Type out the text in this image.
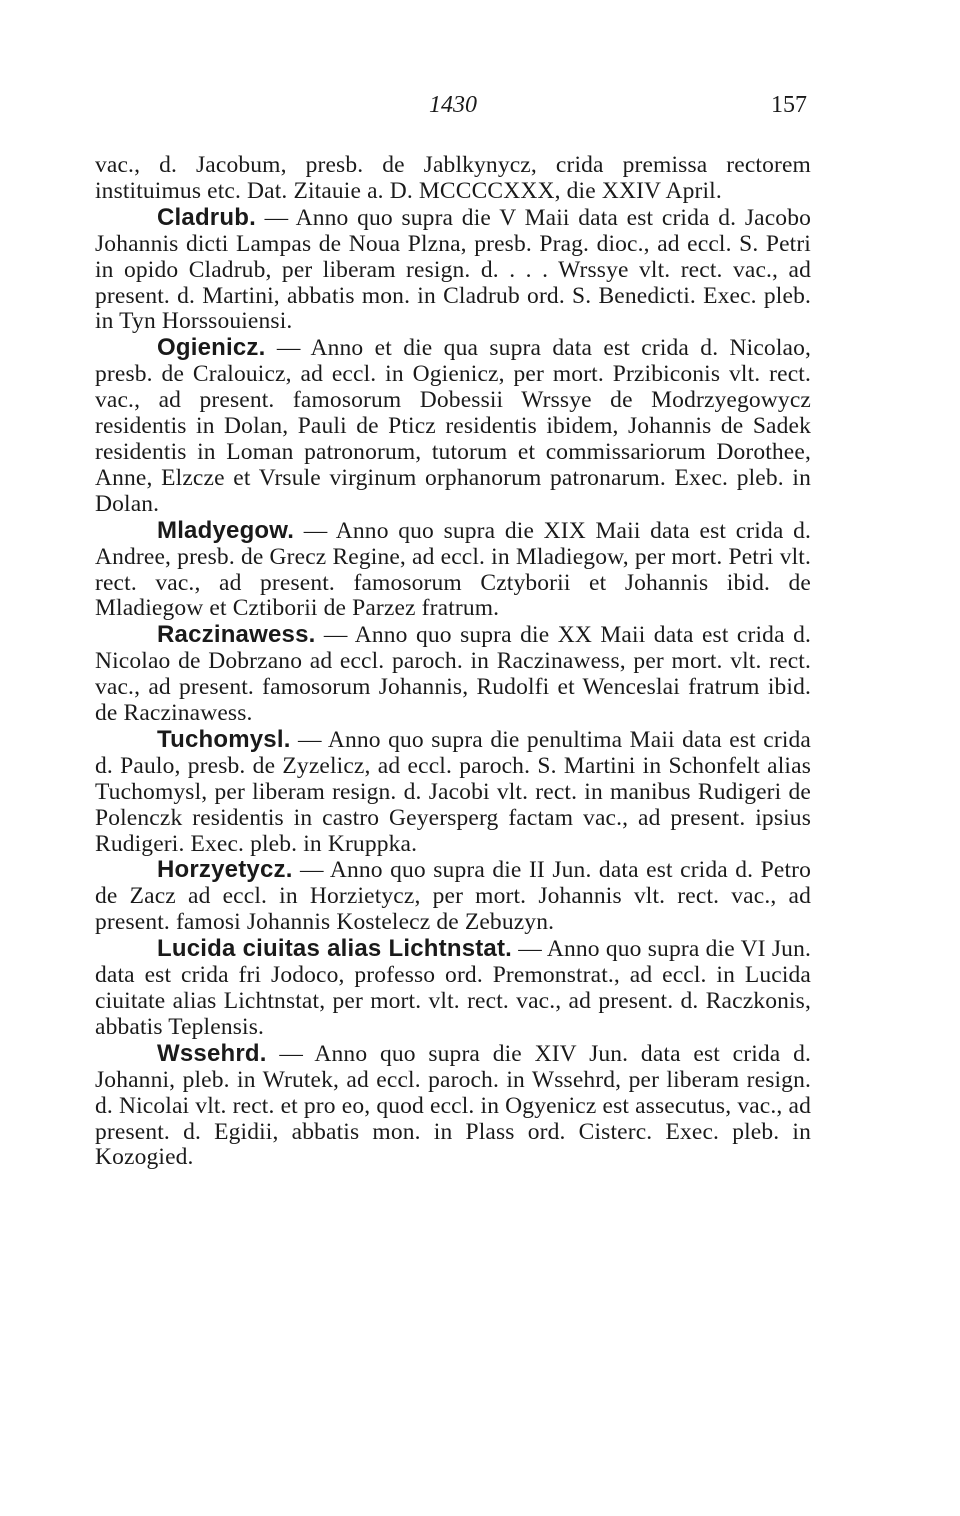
1430	157

vac., d. Jacobum, presb. de Jablkynycz, crida premissa rectorem instituimus etc. Dat. Zitauie a. D. MCCCCXXX, die XXIV April.

Cladrub. — Anno quo supra die V Maii data est crida d. Jacobo Johannis dicti Lampas de Noua Plzna, presb. Prag. dioc., ad eccl. S. Petri in opido Cladrub, per liberam resign. d. . . . Wrssye vlt. rect. vac., ad present. d. Martini, abbatis mon. in Cladrub ord. S. Benedicti. Exec. pleb. in Tyn Horssouiensi.

Ogienicz. — Anno et die qua supra data est crida d. Nicolao, presb. de Cralouicz, ad eccl. in Ogienicz, per mort. Przibiconis vlt. rect. vac., ad present. famosorum Dobessii Wrssye de Modrzyegowycz residentis in Dolan, Pauli de Pticz residentis ibidem, Johannis de Sadek residentis in Loman patronorum, tutorum et commissariorum Dorothee, Anne, Elzcze et Vrsule virginum orphanorum patronarum. Exec. pleb. in Dolan.

Mladyegow. — Anno quo supra die XIX Maii data est crida d. Andree, presb. de Grecz Regine, ad eccl. in Mladiegow, per mort. Petri vlt. rect. vac., ad present. famosorum Cztyborii et Johannis ibid. de Mladiegow et Cztiborii de Parzez fratrum.

Raczinawess. — Anno quo supra die XX Maii data est crida d. Nicolao de Dobrzano ad eccl. paroch. in Raczinawess, per mort. vlt. rect. vac., ad present. famosorum Johannis, Rudolfi et Wenceslai fratrum ibid. de Raczinawess.

Tuchomysl. — Anno quo supra die penultima Maii data est crida d. Paulo, presb. de Zyzelicz, ad eccl. paroch. S. Martini in Schonfelt alias Tuchomysl, per liberam resign. d. Jacobi vlt. rect. in manibus Rudigeri de Polenczk residentis in castro Geyersperg factam vac., ad present. ipsius Rudigeri. Exec. pleb. in Kruppka.

Horzyetycz. — Anno quo supra die II Jun. data est crida d. Petro de Zacz ad eccl. in Horzietycz, per mort. Johannis vlt. rect. vac., ad present. famosi Johannis Kostelecz de Zebuzyn.

Lucida ciuitas alias Lichtnstat. — Anno quo supra die VI Jun. data est crida fri Jodoco, professo ord. Premonstrat., ad eccl. in Lucida ciuitate alias Lichtnstat, per mort. vlt. rect. vac., ad present. d. Raczkonis, abbatis Teplensis.

Wssehrd. — Anno quo supra die XIV Jun. data est crida d. Johanni, pleb. in Wrutek, ad eccl. paroch. in Wssehrd, per liberam resign. d. Nicolai vlt. rect. et pro eo, quod eccl. in Ogyenicz est assecutus, vac., ad present. d. Egidii, abbatis mon. in Plass ord. Cisterc. Exec. pleb. in Kozogied.
